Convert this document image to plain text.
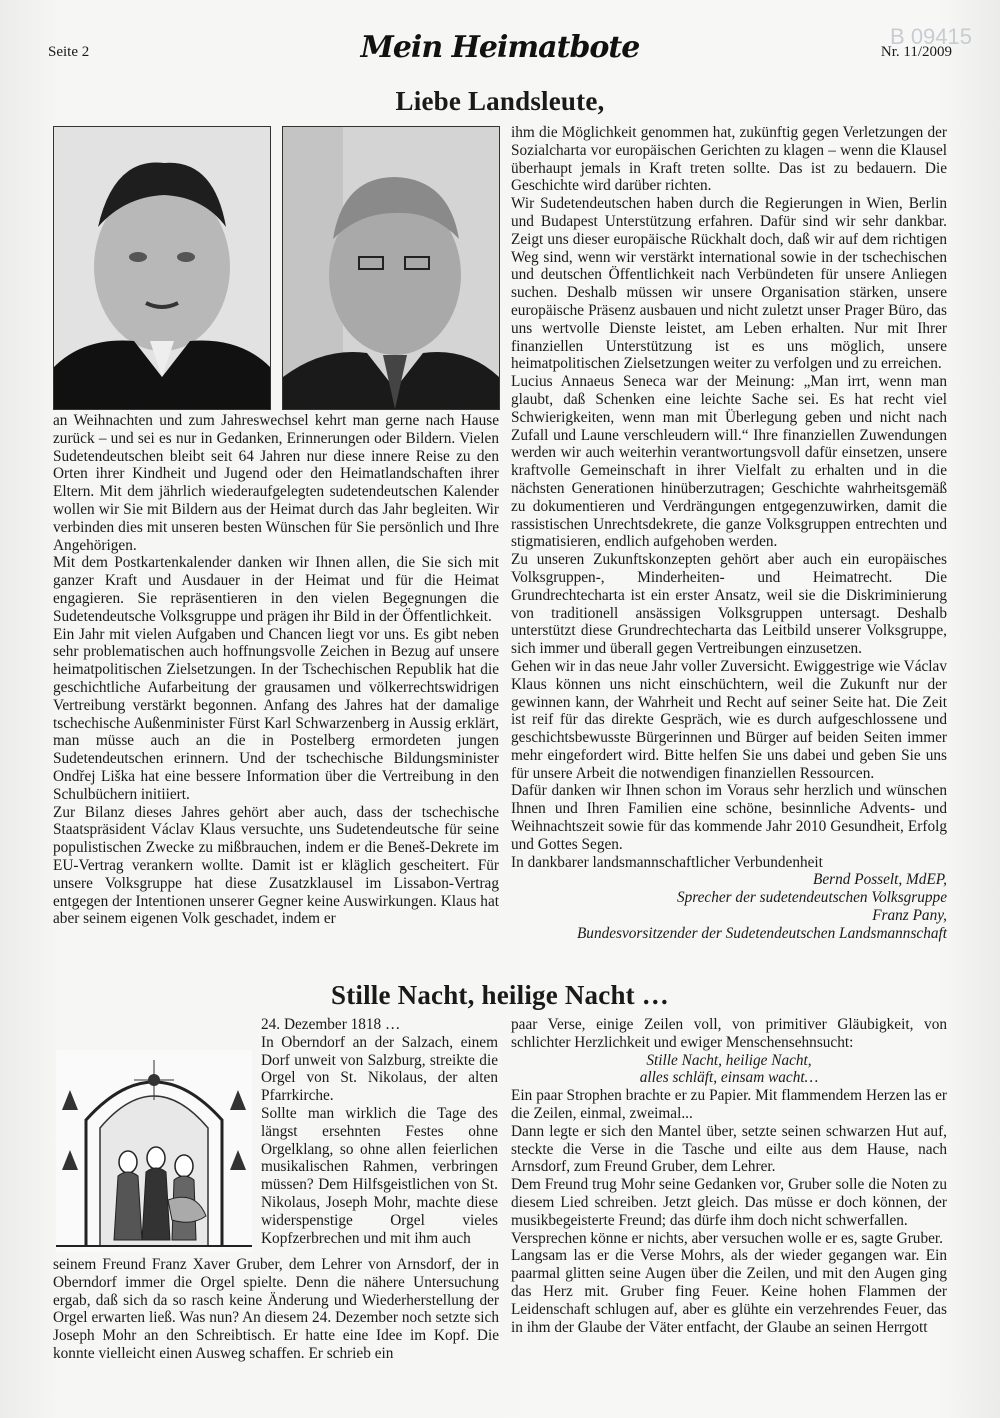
B 09415
Seite 2	Mein Heimatbote	Nr. 11/2009
Liebe Landsleute,

an Weihnachten und zum Jahreswechsel kehrt man gerne nach Hause zurück – und sei es nur in Gedanken, Erinnerungen oder Bildern. Vielen Sudetendeutschen bleibt seit 64 Jahren nur diese innere Reise zu den Orten ihrer Kindheit und Jugend oder den Heimatlandschaften ihrer Eltern. Mit dem jährlich wiederaufgelegten sudetendeutschen Kalender wollen wir Sie mit Bildern aus der Heimat durch das Jahr begleiten. Wir verbinden dies mit unseren besten Wünschen für Sie persönlich und Ihre Angehörigen.

Mit dem Postkartenkalender danken wir Ihnen allen, die Sie sich mit ganzer Kraft und Ausdauer in der Heimat und für die Heimat engagieren. Sie repräsentieren in den vielen Begegnungen die Sudetendeutsche Volksgruppe und prägen ihr Bild in der Öffentlichkeit.

Ein Jahr mit vielen Aufgaben und Chancen liegt vor uns. Es gibt neben sehr problematischen auch hoffnungsvolle Zeichen in Bezug auf unsere heimatpolitischen Zielsetzungen. In der Tschechischen Republik hat die geschichtliche Aufarbeitung der grausamen und völkerrechtswidrigen Vertreibung verstärkt begonnen. Anfang des Jahres hat der damalige tschechische Außenminister Fürst Karl Schwarzenberg in Aussig erklärt, man müsse auch an die in Postelberg ermordeten jungen Sudetendeutschen erinnern. Und der tschechische Bildungsminister Ondřej Liška hat eine bessere Information über die Vertreibung in den Schulbüchern initiiert.

Zur Bilanz dieses Jahres gehört aber auch, dass der tschechische Staatspräsident Václav Klaus versuchte, uns Sudetendeutsche für seine populistischen Zwecke zu mißbrauchen, indem er die Beneš-Dekrete im EU-Vertrag verankern wollte. Damit ist er kläglich gescheitert. Für unsere Volksgruppe hat diese Zusatzklausel im Lissabon-Vertrag entgegen der Intentionen unserer Gegner keine Auswirkungen. Klaus hat aber seinem eigenen Volk geschadet, indem er

ihm die Möglichkeit genommen hat, zukünftig gegen Verletzungen der Sozialcharta vor europäischen Gerichten zu klagen – wenn die Klausel überhaupt jemals in Kraft treten sollte. Das ist zu bedauern. Die Geschichte wird darüber richten.

Wir Sudetendeutschen haben durch die Regierungen in Wien, Berlin und Budapest Unterstützung erfahren. Dafür sind wir sehr dankbar. Zeigt uns dieser europäische Rückhalt doch, daß wir auf dem richtigen Weg sind, wenn wir verstärkt international sowie in der tschechischen und deutschen Öffentlichkeit nach Verbündeten für unsere Anliegen suchen. Deshalb müssen wir unsere Organisation stärken, unsere europäische Präsenz ausbauen und nicht zuletzt unser Prager Büro, das uns wertvolle Dienste leistet, am Leben erhalten. Nur mit Ihrer finanziellen Unterstützung ist es uns möglich, unsere heimatpolitischen Zielsetzungen weiter zu verfolgen und zu erreichen.

Lucius Annaeus Seneca war der Meinung: „Man irrt, wenn man glaubt, daß Schenken eine leichte Sache sei. Es hat recht viel Schwierigkeiten, wenn man mit Überlegung geben und nicht nach Zufall und Laune verschleudern will.“ Ihre finanziellen Zuwendungen werden wir auch weiterhin verantwortungsvoll dafür einsetzen, unsere kraftvolle Gemeinschaft in ihrer Vielfalt zu erhalten und in die nächsten Generationen hinüberzutragen; Geschichte wahrheitsgemäß zu dokumentieren und Verdrängungen entgegenzuwirken, damit die rassistischen Unrechtsdekrete, die ganze Volksgruppen entrechten und stigmatisieren, endlich aufgehoben werden.

Zu unseren Zukunftskonzepten gehört aber auch ein europäisches Volksgruppen-, Minderheiten- und Heimatrecht. Die Grundrechtecharta ist ein erster Ansatz, weil sie die Diskriminierung von traditionell ansässigen Volksgruppen untersagt. Deshalb unterstützt diese Grundrechtecharta das Leitbild unserer Volksgruppe, sich immer und überall gegen Vertreibungen einzusetzen.

Gehen wir in das neue Jahr voller Zuversicht. Ewiggestrige wie Václav Klaus können uns nicht einschüchtern, weil die Zukunft nur der gewinnen kann, der Wahrheit und Recht auf seiner Seite hat. Die Zeit ist reif für das direkte Gespräch, wie es durch aufgeschlossene und geschichtsbewusste Bürgerinnen und Bürger auf beiden Seiten immer mehr eingefordert wird. Bitte helfen Sie uns dabei und geben Sie uns für unsere Arbeit die notwendigen finanziellen Ressourcen.

Dafür danken wir Ihnen schon im Voraus sehr herzlich und wünschen Ihnen und Ihren Familien eine schöne, besinnliche Advents- und Weihnachtszeit sowie für das kommende Jahr 2010 Gesundheit, Erfolg und Gottes Segen.

In dankbarer landsmannschaftlicher Verbundenheit

Bernd Posselt, MdEP,
Sprecher der sudetendeutschen Volksgruppe
Franz Pany,
Bundesvorsitzender der Sudetendeutschen Landsmannschaft
Stille Nacht, heilige Nacht …

24. Dezember 1818 …

In Oberndorf an der Salzach, einem Dorf unweit von Salzburg, streikte die Orgel von St. Nikolaus, der alten Pfarrkirche.

Sollte man wirklich die Tage des längst ersehnten Festes ohne Orgelklang, so ohne allen feierlichen musikalischen Rahmen, verbringen müssen? Dem Hilfsgeistlichen von St. Nikolaus, Joseph Mohr, machte diese widerspenstige Orgel vieles Kopfzerbrechen und mit ihm auch

seinem Freund Franz Xaver Gruber, dem Lehrer von Arnsdorf, der in Oberndorf immer die Orgel spielte. Denn die nähere Untersuchung ergab, daß sich da so rasch keine Änderung und Wiederherstellung der Orgel erwarten ließ. Was nun? An diesem 24. Dezember noch setzte sich Joseph Mohr an den Schreibtisch. Er hatte eine Idee im Kopf. Die konnte vielleicht einen Ausweg schaffen. Er schrieb ein

paar Verse, einige Zeilen voll, von primitiver Gläubigkeit, von schlichter Herzlichkeit und ewiger Menschensehnsucht:

Stille Nacht, heilige Nacht,
alles schläft, einsam wacht…

Ein paar Strophen brachte er zu Papier. Mit flammendem Herzen las er die Zeilen, einmal, zweimal...

Dann legte er sich den Mantel über, setzte seinen schwarzen Hut auf, steckte die Verse in die Tasche und eilte aus dem Hause, nach Arnsdorf, zum Freund Gruber, dem Lehrer.

Dem Freund trug Mohr seine Gedanken vor, Gruber solle die Noten zu diesem Lied schreiben. Jetzt gleich. Das müsse er doch können, der musikbegeisterte Freund; das dürfe ihm doch nicht schwerfallen.

Versprechen könne er nichts, aber versuchen wolle er es, sagte Gruber.

Langsam las er die Verse Mohrs, als der wieder gegangen war. Ein paarmal glitten seine Augen über die Zeilen, und mit den Augen ging das Herz mit. Gruber fing Feuer. Keine hohen Flammen der Leidenschaft schlugen auf, aber es glühte ein verzehrendes Feuer, das in ihm der Glaube der Väter entfacht, der Glaube an seinen Herrgott
